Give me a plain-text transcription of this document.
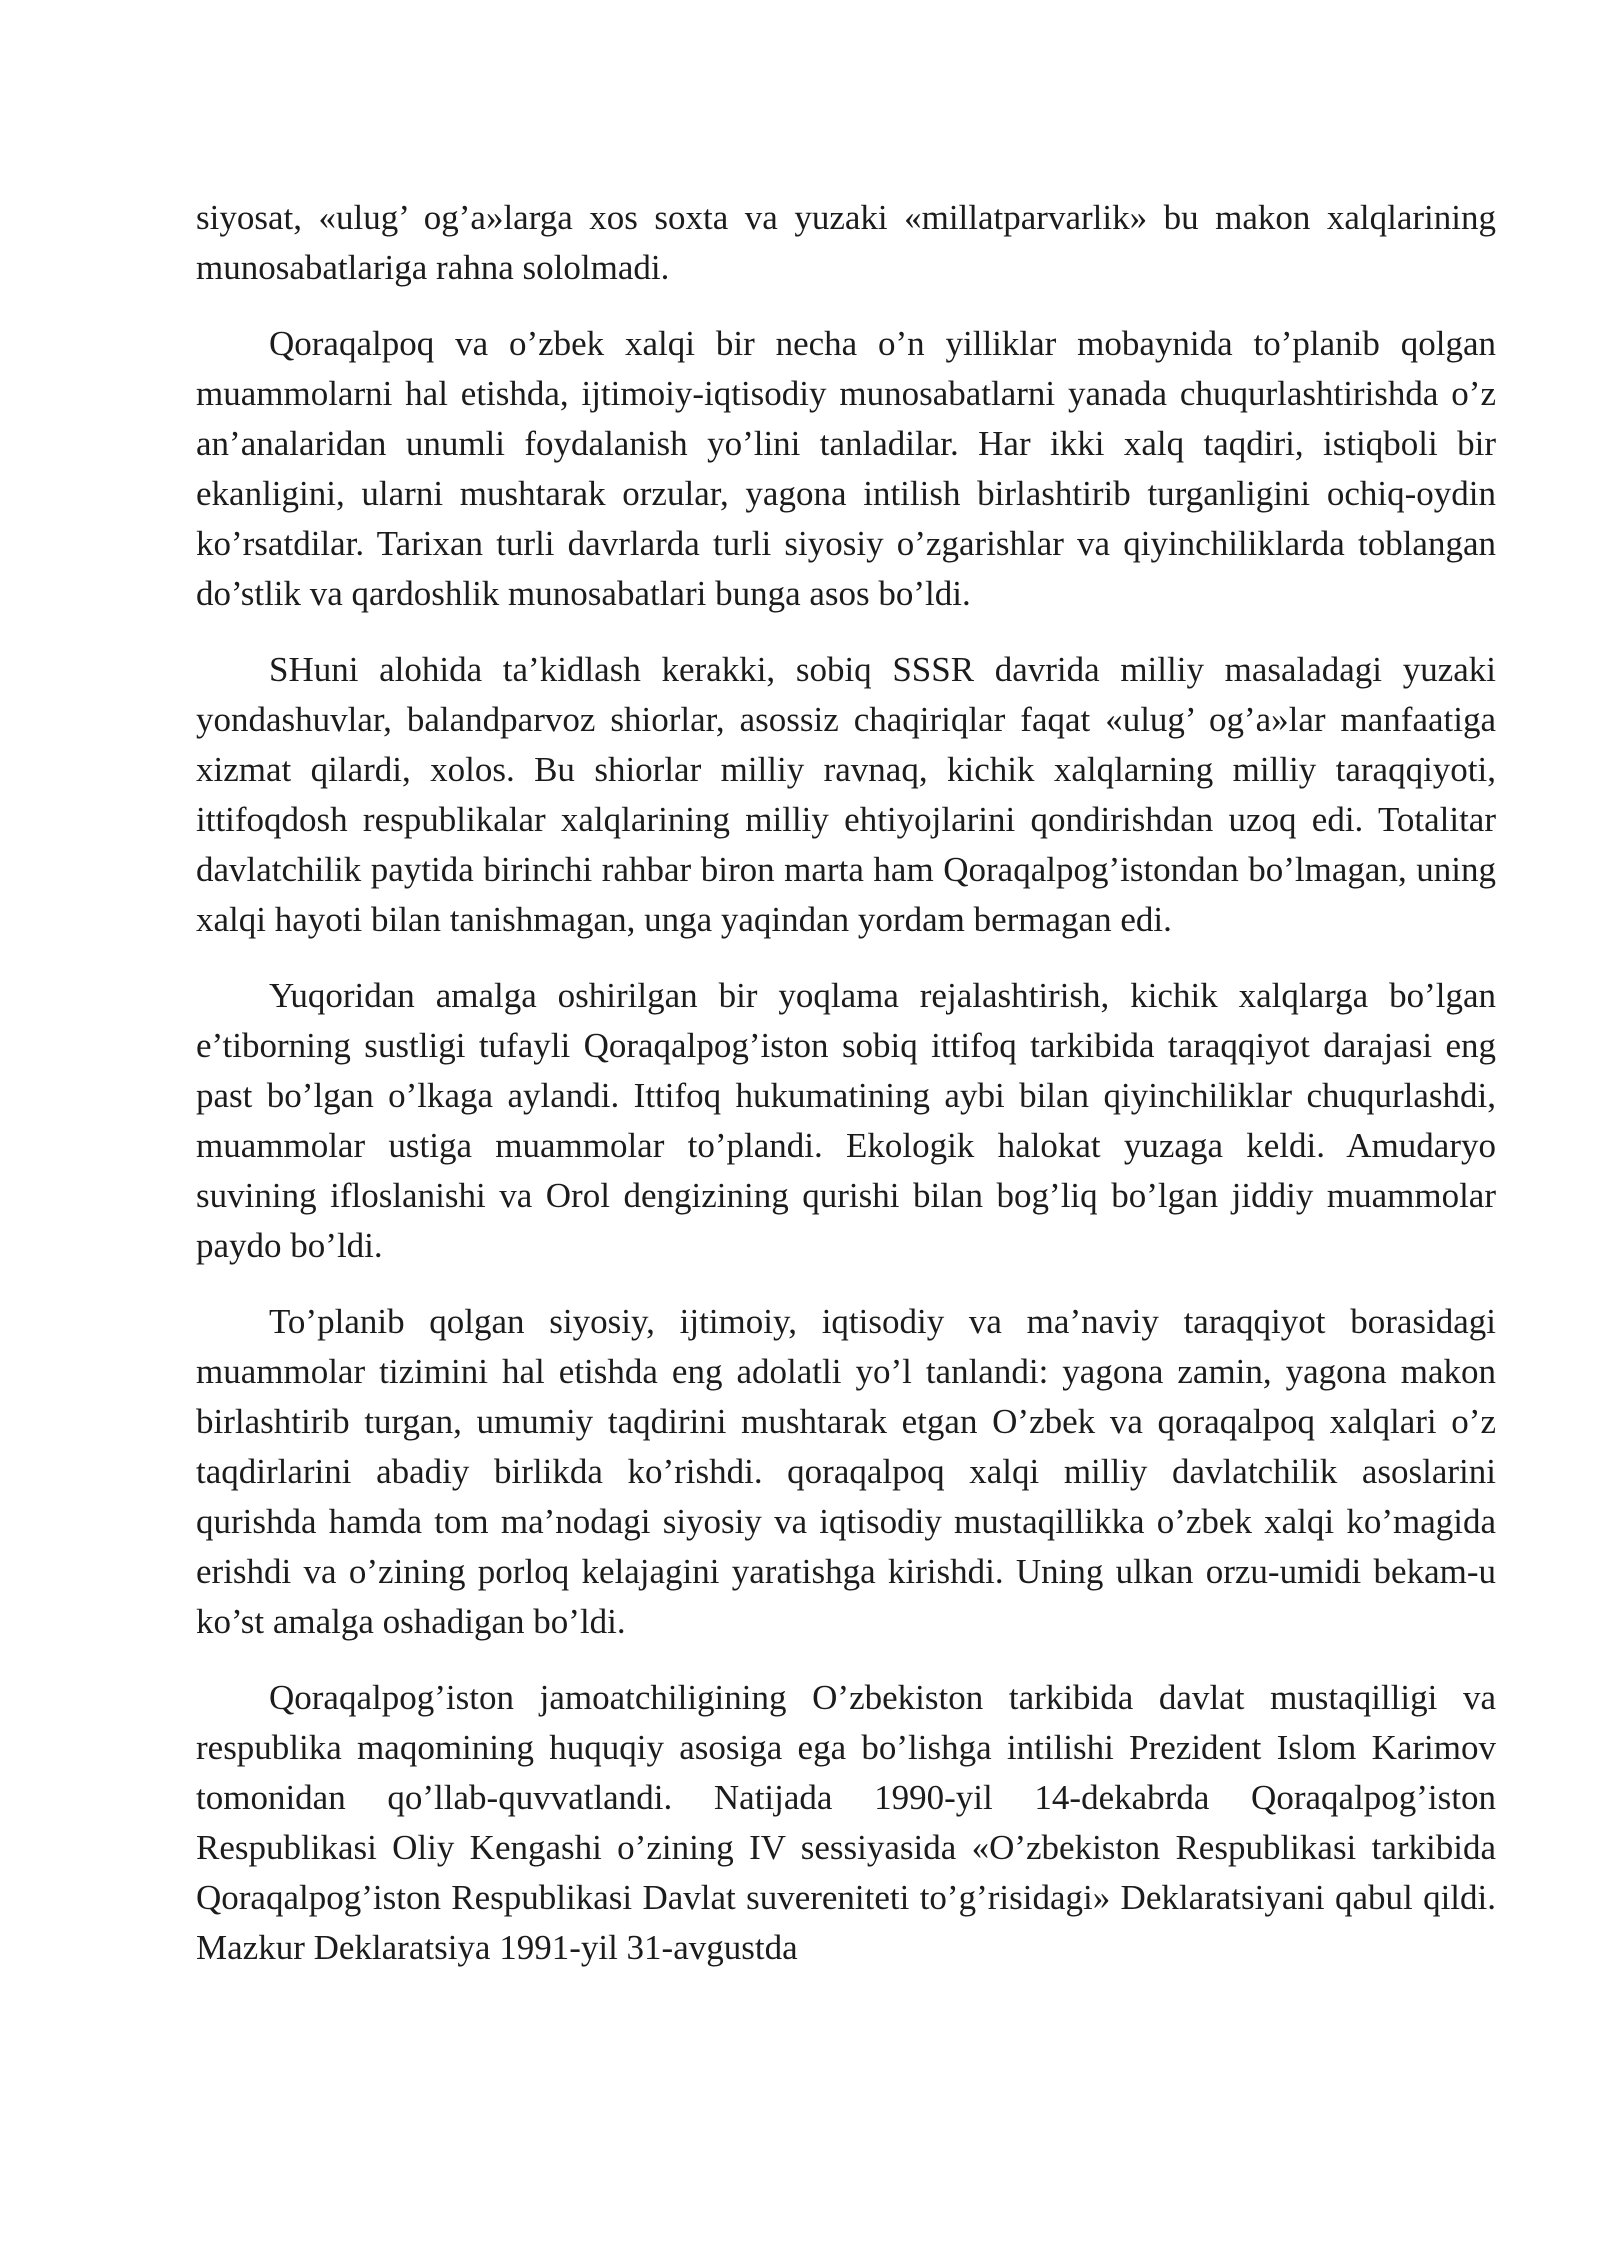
siyosat, «ulug’ og’a»larga xos soxta va yuzaki «millatparvarlik» bu makon xalqlarining munosabatlariga rahna sololmadi.

Qoraqalpoq va o’zbek xalqi bir necha o’n yilliklar mobaynida to’planib qolgan muammolarni hal etishda, ijtimoiy-iqtisodiy munosabatlarni yanada chuqurlashtirishda o’z an’analaridan unumli foydalanish yo’lini tanladilar. Har ikki xalq taqdiri, istiqboli bir ekanligini, ularni mushtarak orzular, yagona intilish birlashtirib turganligini ochiq-oydin ko’rsatdilar. Tarixan turli davrlarda turli siyosiy o’zgarishlar va qiyinchiliklarda toblangan do’stlik va qardoshlik munosabatlari bunga asos bo’ldi.

SHuni alohida ta’kidlash kerakki, sobiq SSSR davrida milliy masaladagi yuzaki yondashuvlar, balandparvoz shiorlar, asossiz chaqiriqlar faqat «ulug’ og’a»lar manfaatiga xizmat qilardi, xolos. Bu shiorlar milliy ravnaq, kichik xalqlarning milliy taraqqiyoti, ittifoqdosh respublikalar xalqlarining milliy ehtiyojlarini qondirishdan uzoq edi. Totalitar davlatchilik paytida birinchi rahbar biron marta ham Qoraqalpog’istondan bo’lmagan, uning xalqi hayoti bilan tanishmagan, unga yaqindan yordam bermagan edi.

Yuqoridan amalga oshirilgan bir yoqlama rejalashtirish, kichik xalqlarga bo’lgan e’tiborning sustligi tufayli Qoraqalpog’iston sobiq ittifoq tarkibida taraqqiyot darajasi eng past bo’lgan o’lkaga aylandi. Ittifoq hukumatining aybi bilan qiyinchiliklar chuqurlashdi, muammolar ustiga muammolar to’plandi. Ekologik halokat yuzaga keldi. Amudaryo suvining ifloslanishi va Orol dengizining qurishi bilan bog’liq bo’lgan jiddiy muammolar paydo bo’ldi.

To’planib qolgan siyosiy, ijtimoiy, iqtisodiy va ma’naviy taraqqiyot borasidagi muammolar tizimini hal etishda eng adolatli yo’l tanlandi: yagona zamin, yagona makon birlashtirib turgan, umumiy taqdirini mushtarak etgan O’zbek va qoraqalpoq xalqlari o’z taqdirlarini abadiy birlikda ko’rishdi. qoraqalpoq xalqi milliy davlatchilik asoslarini qurishda hamda tom ma’nodagi siyosiy va iqtisodiy mustaqillikka o’zbek xalqi ko’magida erishdi va o’zining porloq kelajagini yaratishga kirishdi. Uning ulkan orzu-umidi bekam-u ko’st amalga oshadigan bo’ldi.

Qoraqalpog’iston jamoatchiligining O’zbekiston tarkibida davlat mustaqilligi va respublika maqomining huquqiy asosiga ega bo’lishga intilishi Prezident Islom Karimov tomonidan qo’llab-quvvatlandi. Natijada 1990-yil 14-dekabrda Qoraqalpog’iston Respublikasi Oliy Kengashi o’zining IV sessiyasida «O’zbekiston Respublikasi tarkibida Qoraqalpog’iston Respublikasi Davlat suvereniteti to’g’risidagi» Deklaratsiyani qabul qildi. Mazkur Deklaratsiya 1991-yil 31-avgustda
